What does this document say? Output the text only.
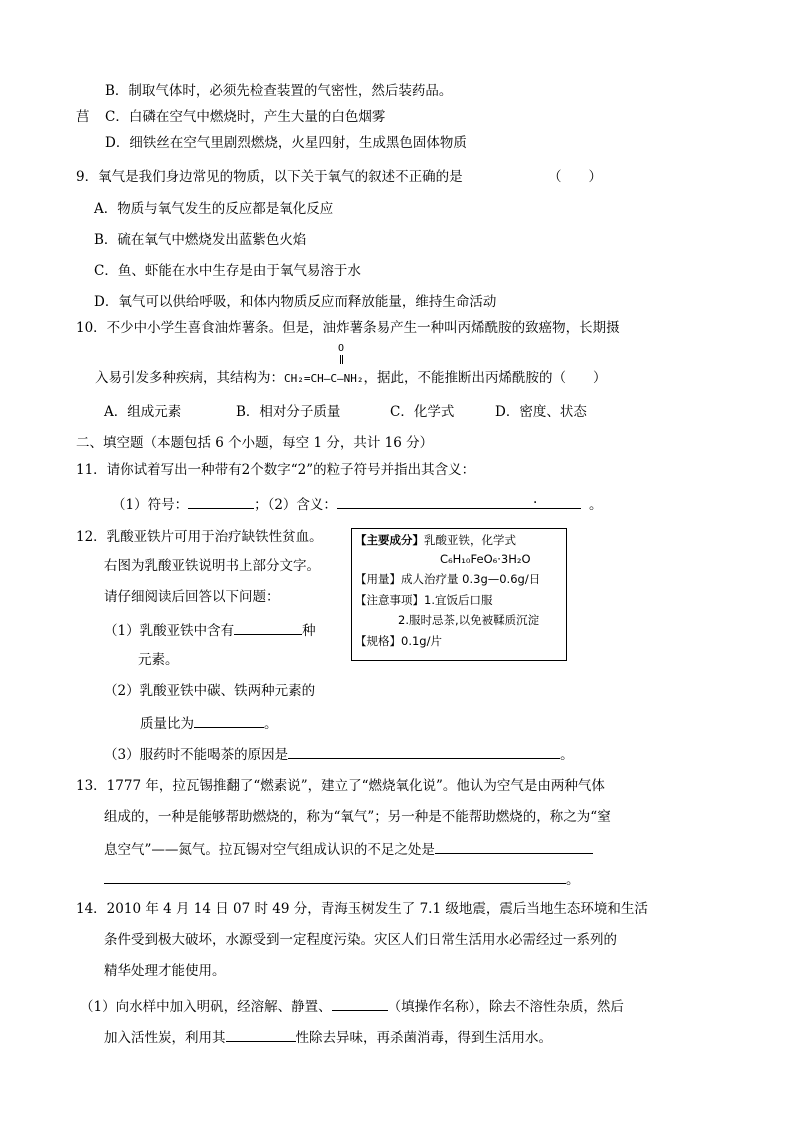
B．制取气体时，必须先检查装置的气密性，然后装药品。
莒 C．白磷在空气中燃烧时，产生大量的白色烟雾
D．细铁丝在空气里剧烈燃烧，火星四射，生成黑色固体物质
9．氧气是我们身边常见的物质，以下关于氧气的叙述不正确的是	（　　）
A．物质与氧气发生的反应都是氧化反应
B．硫在氧气中燃烧发出蓝紫色火焰
C．鱼、虾能在水中生存是由于氧气易溶于水
D．氧气可以供给呼吸，和体内物质反应而释放能量，维持生命活动
10．不少中小学生喜食油炸薯条。但是，油炸薯条易产生一种叫丙烯酰胺的致癌物，长期摄
入易引发多种疾病，其结构为：
O
CH₂=CH—C—NH₂，据此，不能推断出丙烯酰胺的（　　）
A．组成元素	B．相对分子质量	C．化学式	D．密度、状态
二、填空题（本题包括 6 个小题，每空 1 分，共计 16 分）
11．请你试着写出一种带有2个数字“2”的粒子符号并指出其含义：
（1）符号：	；（2）含义：	.	。
12．乳酸亚铁片可用于治疗缺铁性贫血。
右图为乳酸亚铁说明书上部分文字。
请仔细阅读后回答以下问题：
（1）乳酸亚铁中含有	种
元素。
（2）乳酸亚铁中碳、铁两种元素的
质量比为	。
（3）服药时不能喝茶的原因是	。
【主要成分】乳酸亚铁，化学式
C₆H₁₀FeO₆·3H₂O
【用量】成人治疗量 0.3g—0.6g/日
【注意事项】1.宜饭后口服
2.服时忌茶,以免被鞣质沉淀
【规格】0.1g/片
13．1777 年，拉瓦锡推翻了“燃素说”，建立了“燃烧氧化说”。他认为空气是由两种气体
组成的，一种是能够帮助燃烧的，称为“氧气”；另一种是不能帮助燃烧的，称之为“窒
息空气”——氮气。拉瓦锡对空气组成认识的不足之处是
。
14．2010 年 4 月 14 日 07 时 49 分，青海玉树发生了 7.1 级地震，震后当地生态环境和生活
条件受到极大破坏，水源受到一定程度污染。灾区人们日常生活用水必需经过一系列的
精华处理才能使用。
（1）向水样中加入明矾，经溶解、静置、	（填操作名称），除去不溶性杂质，然后
加入活性炭，利用其	性除去异味，再杀菌消毒，得到生活用水。
